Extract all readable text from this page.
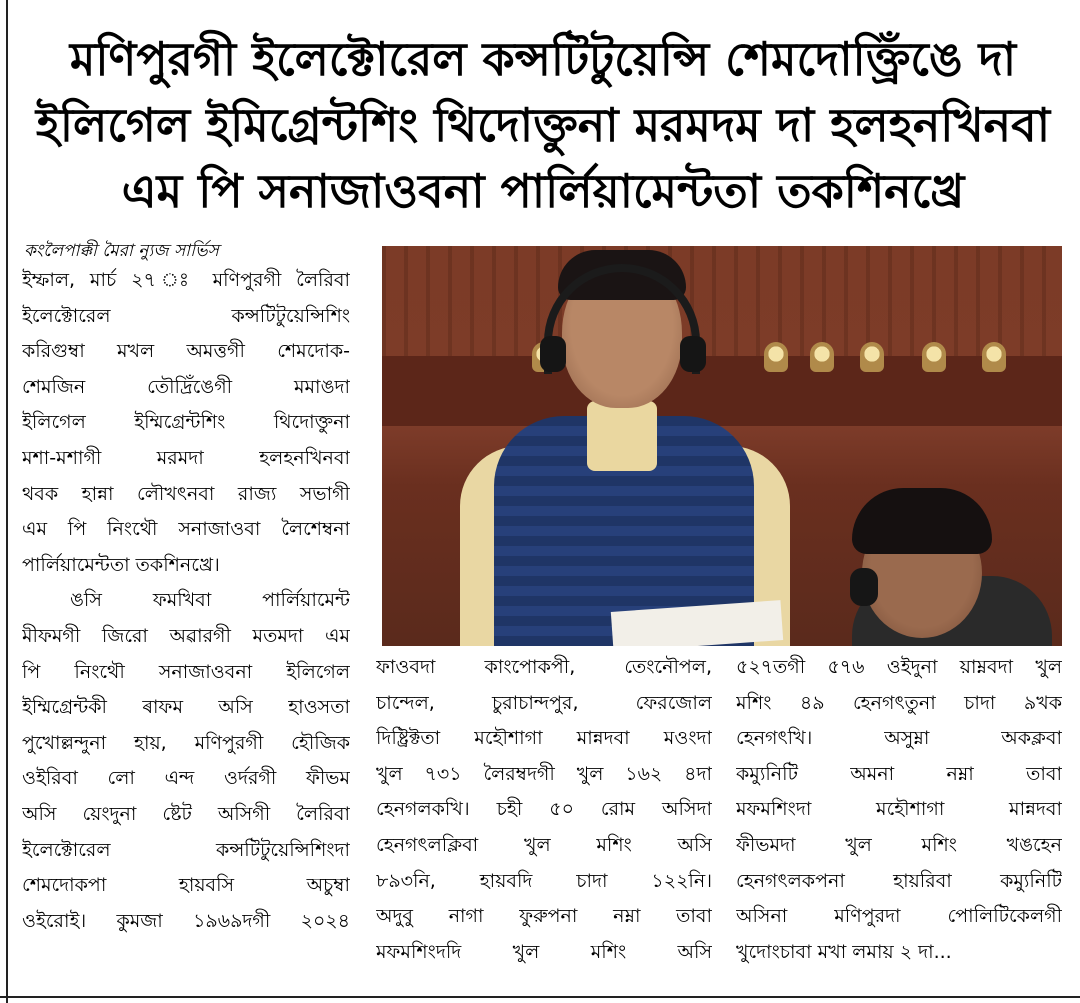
মণিপুরগী ইলেক্টোরেল কন্সটিটুয়েন্সি শেমদোক্ত্রিঁঙে দা
ইলিগেল ইমিগ্রেন্টশিং থিদোক্তুনা মরমদম দা হলহনখিনবা
এম পি সনাজাওবনা পার্লিয়ামেন্টতা তকশিনখ্রে
কংলৈপাক্কী মৈরা ন্যুজ সার্ভিস
ইম্ফাল, মার্চ ২৭ ঃ মণিপুরগী লৈরিবা
ইলেক্টোরেল কন্সটিটুয়েন্সিশিং
করিগুম্বা মখল অমত্তগী শেমদোক-
শেমজিন তৌদ্রিঁঙেগী মমাঙদা
ইলিগেল ইম্মিগ্রেন্টশিং থিদোক্তুনা
মশা-মশাগী মরমদা হলহনখিনবা
থবক হান্না লৌখৎনবা রাজ্য সভাগী
এম পি নিংথৌ সনাজাওবা লৈশেম্বনা
পার্লিয়ামেন্টতা তকশিনখ্রে।
ঙসি ফমখিবা পার্লিয়ামেন্ট
মীফমগী জিরো অৱারগী মতমদা এম
পি নিংথৌ সনাজাওবনা ইলিগেল
ইম্মিগ্রেন্টকী ৰাফম অসি হাওসতা
পুখোল্লন্দুনা হায়, মণিপুরগী হৌজিক
ওইরিবা লো এন্দ ওর্দরগী ফীভম
অসি য়েংদুনা ষ্টেট অসিগী লৈরিবা
ইলেক্টোরেল কন্সটিটুয়েন্সিশিংদা
শেমদোকপা হায়বসি অচুম্বা
ওইরোই। কুমজা ১৯৬৯দগী ২০২৪
ফাওবদা কাংপোকপী, তেংনৌপল,
চান্দেল, চুরাচান্দপুর, ফেরজোল
দিষ্ট্রিক্টতা মহৌশাগা মান্নদবা মওংদা
খুল ৭৩১ লৈরম্বদগী খুল ১৬২ ৪দা
হেনগলকখি। চহী ৫০ রোম অসিদা
হেনগৎলক্লিবা খুল মশিং অসি
৮৯৩নি, হায়বদি চাদা ১২২নি।
অদুবু নাগা ফুরুপনা নম্না তাবা
মফমশিংদদি খুল মশিং অসি
৫২৭তগী ৫৭৬ ওইদুনা য়াম্নবদা খুল
মশিং ৪৯ হেনগৎতুনা চাদা ৯খক
হেনগৎখি। অসুম্না অকক্লবা
কম্যুনিটি অমনা নম্না তাবা
মফমশিংদা মহৌশাগা মান্নদবা
ফীভমদা খুল মশিং খঙহেন
হেনগৎলকপনা হায়রিবা কম্যুনিটি
অসিনা মণিপুরদা পোলিটিকেলগী
খুদোংচাবা মখা লমায় ২ দা...
